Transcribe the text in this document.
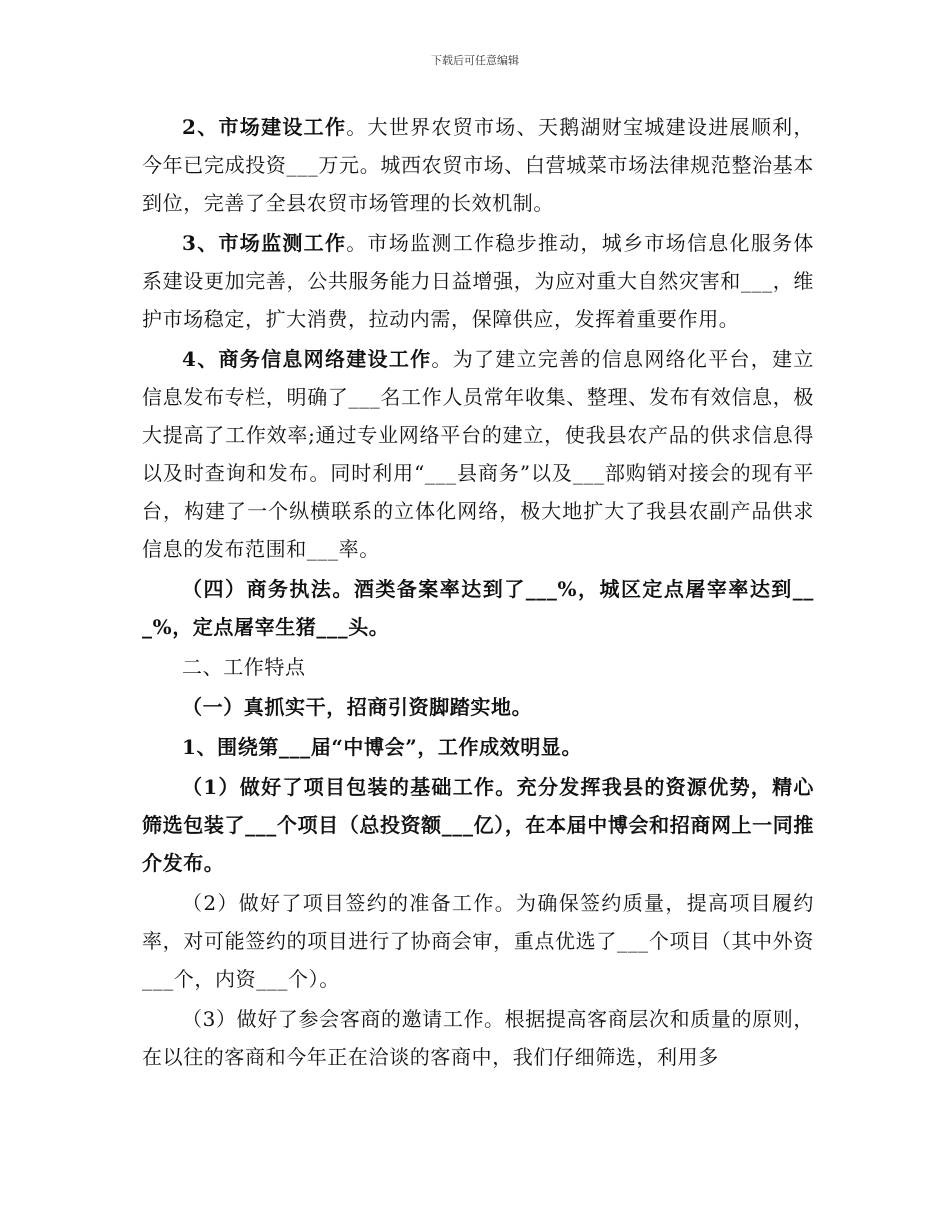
下载后可任意编辑

2、市场建设工作。大世界农贸市场、天鹅湖财宝城建设进展顺利，今年已完成投资___万元。城西农贸市场、白营城菜市场法律规范整治基本到位，完善了全县农贸市场管理的长效机制。

3、市场监测工作。市场监测工作稳步推动，城乡市场信息化服务体系建设更加完善，公共服务能力日益增强，为应对重大自然灾害和___，维护市场稳定，扩大消费，拉动内需，保障供应，发挥着重要作用。

4、商务信息网络建设工作。为了建立完善的信息网络化平台，建立信息发布专栏，明确了___名工作人员常年收集、整理、发布有效信息，极大提高了工作效率;通过专业网络平台的建立，使我县农产品的供求信息得以及时查询和发布。同时利用“___县商务”以及___部购销对接会的现有平台，构建了一个纵横联系的立体化网络，极大地扩大了我县农副产品供求信息的发布范围和___率。

（四）商务执法。酒类备案率达到了___%，城区定点屠宰率达到___%，定点屠宰生猪___头。

二、工作特点

（一）真抓实干，招商引资脚踏实地。

1、围绕第___届“中博会”，工作成效明显。

（1）做好了项目包装的基础工作。充分发挥我县的资源优势，精心筛选包装了___个项目（总投资额___亿），在本届中博会和招商网上一同推介发布。

（2）做好了项目签约的准备工作。为确保签约质量，提高项目履约率，对可能签约的项目进行了协商会审，重点优选了___个项目（其中外资___个，内资___个）。

（3）做好了参会客商的邀请工作。根据提高客商层次和质量的原则，在以往的客商和今年正在洽谈的客商中，我们仔细筛选，利用多
